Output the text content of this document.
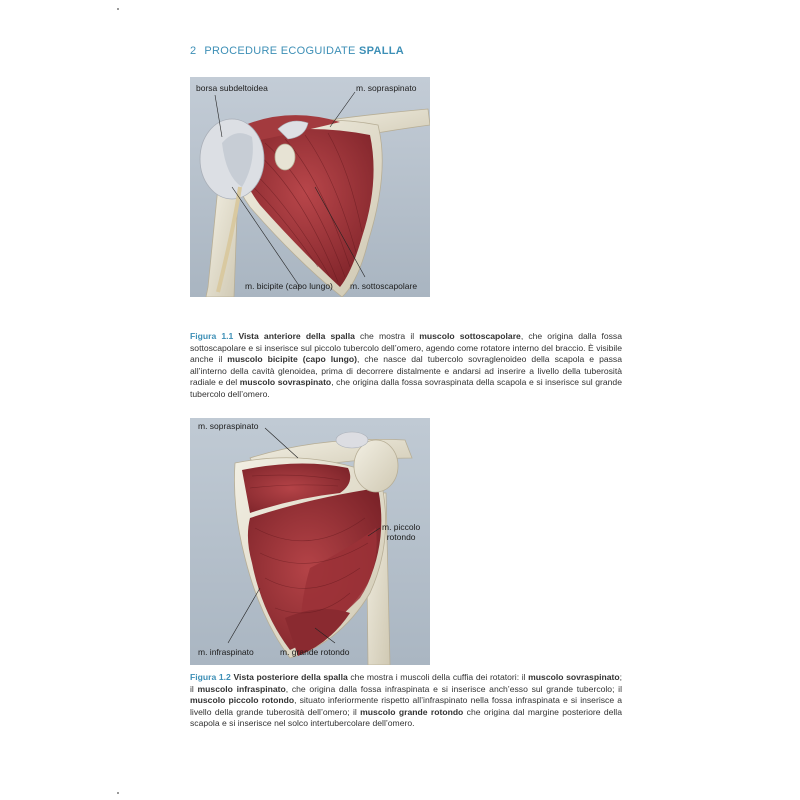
2 PROCEDURE ECOGUIDATE SPALLA
borsa subdeltoidea	m. sopraspinato
m. bicipite (capo lungo) m. sottoscapolare
Figura 1.1 Vista anteriore della spalla che mostra il muscolo sottoscapolare, che origina dalla fossa sottoscapolare e si inserisce sul piccolo tubercolo dell’omero, agendo come rotatore interno del braccio. È visibile anche il muscolo bicipite (capo lungo), che nasce dal tubercolo sovraglenoideo della scapola e passa all’interno della cavità glenoidea, prima di decorrere distalmente e andarsi ad inserire a livello della tuberosità radiale e del muscolo sovraspinato, che origina dalla fossa sovraspinata della scapola e si inserisce sul grande tubercolo dell’omero.
m. sopraspinato
m. piccolo
rotondo
m. infraspinato	m. grande rotondo
Figura 1.2 Vista posteriore della spalla che mostra i muscoli della cuffia dei rotatori: il muscolo sovraspinato; il muscolo infraspinato, che origina dalla fossa infraspinata e si inserisce anch’esso sul grande tubercolo; il muscolo piccolo rotondo, situato inferiormente rispetto all’infraspinato nella fossa infraspinata e si inserisce a livello della grande tuberosità dell’omero; il muscolo grande rotondo che origina dal margine posteriore della scapola e si inserisce nel solco intertubercolare dell’omero.
